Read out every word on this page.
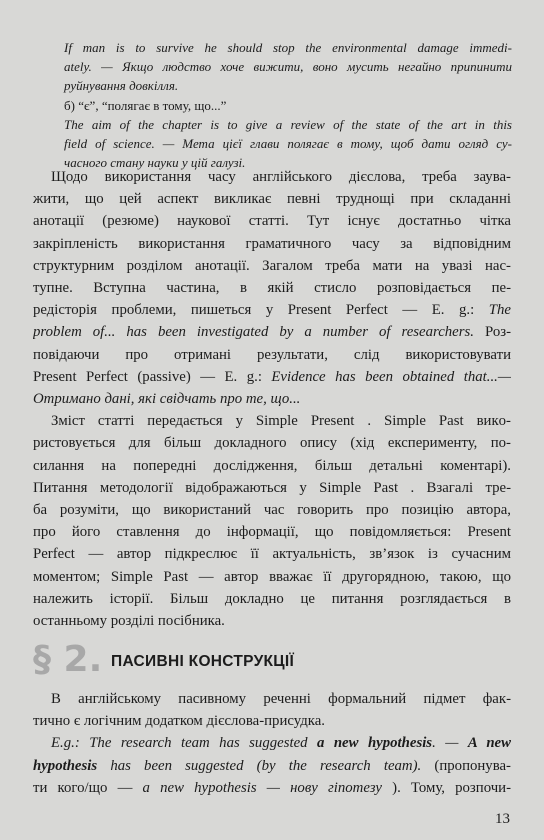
If man is to survive he should stop the environmental damage immedi-
ately. — Якщо людство хоче вижити, воно мусить негайно припинити
руйнування довкілля.

б) “є”, “полягає в тому, що...”

The aim of the chapter is to give a review of the state of the art in this
field of science. — Мета цієї глави полягає в тому, щоб дати огляд су-
часного стану науки у цій галузі.

Щодо використання часу англійського дієслова, треба заува-
жити, що цей аспект викликає певні труднощі при складанні
анотації (резюме) наукової статті. Тут існує достатньо чітка
закріпленість використання граматичного часу за відповідним
структурним розділом анотації. Загалом треба мати на увазі нас-
тупне. Вступна частина, в якій стисло розповідається пе-
редісторія проблеми, пишеться у Present Perfect — E. g.: The
problem of... has been investigated by a number of researchers. Роз-
повідаючи про отримані результати, слід використовувати
Present Perfect (passive) — E. g.: Evidence has been obtained that...—
Отримано дані, які свідчать про те, що...

Зміст статті передається у Simple Present . Simple Past викo-
ристовується для більш докладного опису (хід експерименту, по-
силання на попередні дослідження, більш детальні коментарі).
Питання методології відображаються у Simple Past . Взагалі тре-
ба розуміти, що використаний час говорить про позицію автора,
про його ставлення до інформації, що повідомляється: Present
Perfect — автор підкреслює її актуальність, зв’язок із сучасним
моментом; Simple Past — автор вважає її другорядною, такою, що
належить історії. Більш докладно це питання розглядається в
останньому розділі посібника.

§ 2. ПАСИВНІ КОНСТРУКЦІЇ

В англійському пасивному реченні формальний підмет фак-
тично є логічним додатком дієслова-присудка.

E.g.: The research team has suggested a new hypothesis. — A new
hypothesis has been suggested (by the research team). (пропонува-
ти кого/що — a new hypothesis — нову гіпотезу ). Тому, розпочи-

13
